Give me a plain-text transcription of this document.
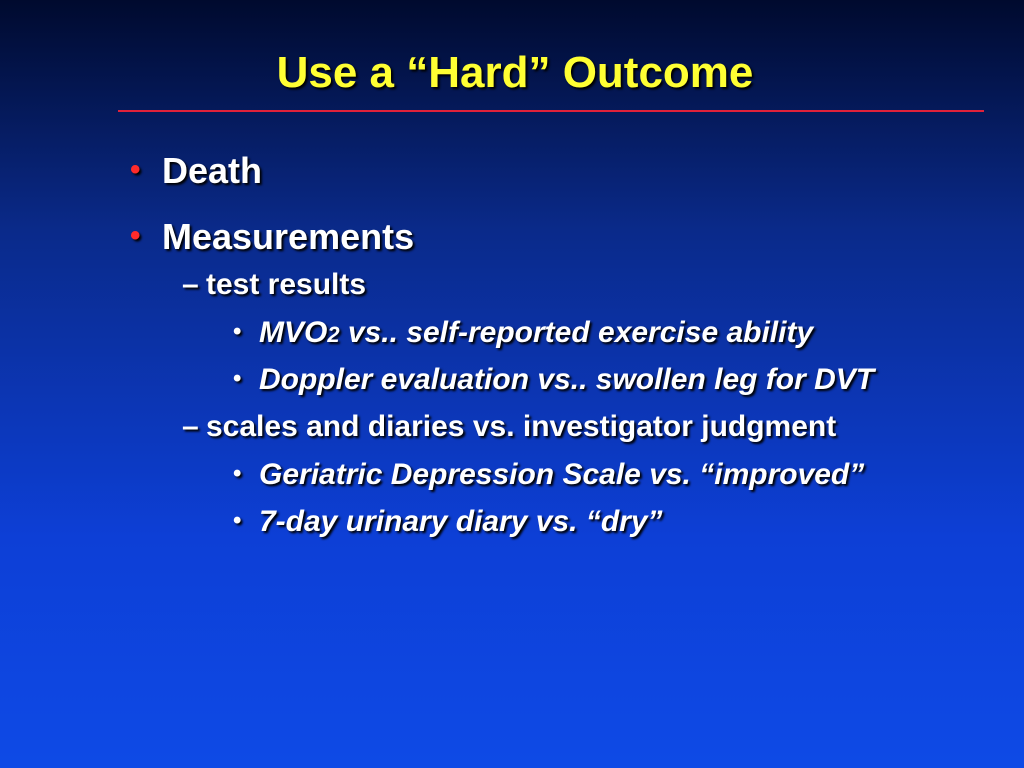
Use a “Hard” Outcome
• Death
• Measurements
– test results
• MVO2 vs.. self-reported exercise ability
• Doppler evaluation vs.. swollen leg for DVT
– scales and diaries vs. investigator judgment
• Geriatric Depression Scale vs. “improved”
• 7-day urinary diary vs. “dry”
